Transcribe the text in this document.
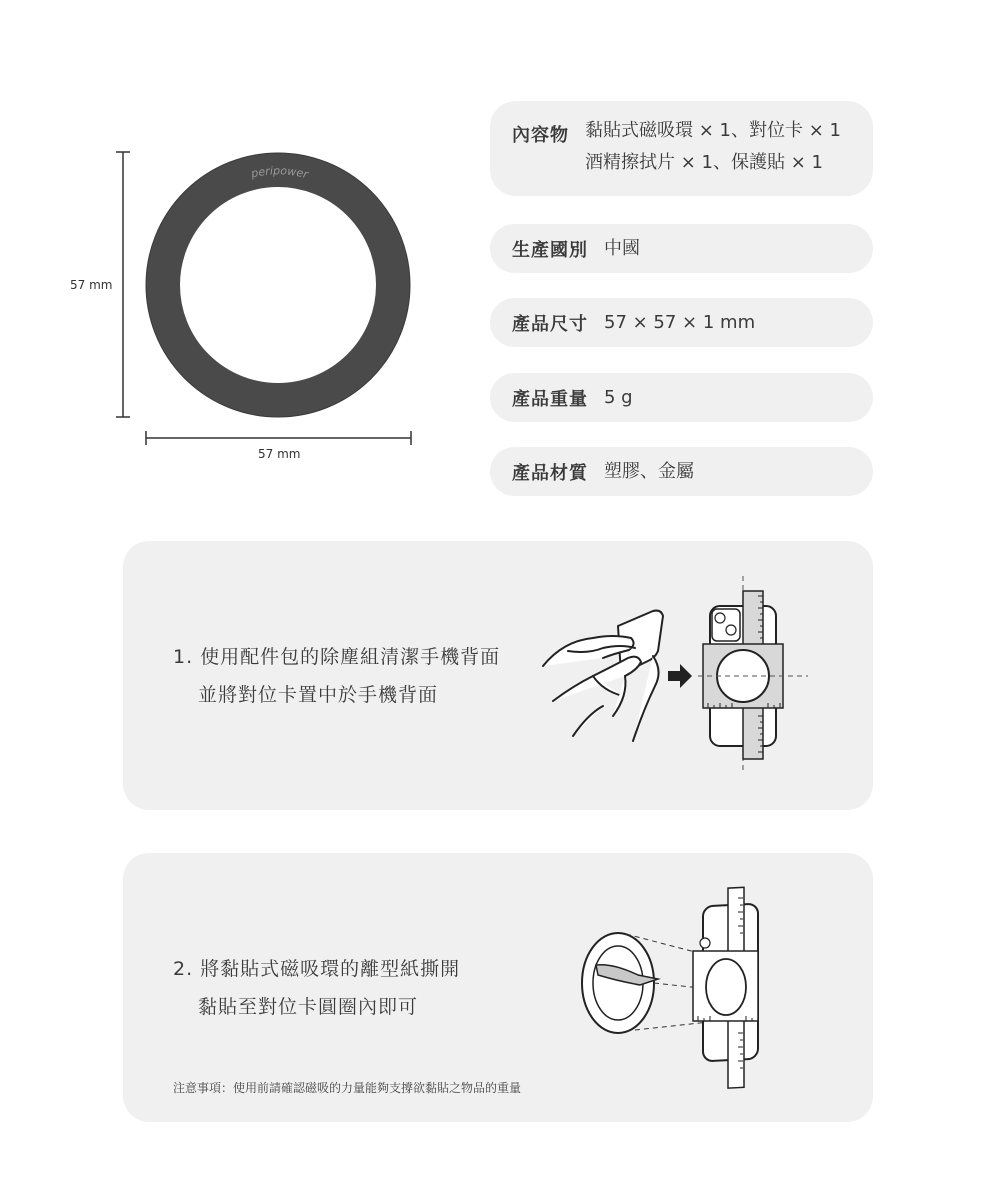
peripower
57 mm
57 mm
內容物 黏貼式磁吸環 × 1、對位卡 × 1
酒精擦拭片 × 1、保護貼 × 1
生產國別 中國
產品尺寸 57 × 57 × 1 mm
產品重量 5 g
產品材質 塑膠、金屬
1. 使用配件包的除塵組清潔手機背面
並將對位卡置中於手機背面
2. 將黏貼式磁吸環的離型紙撕開
黏貼至對位卡圓圈內即可
注意事項：使用前請確認磁吸的力量能夠支撐欲黏貼之物品的重量
